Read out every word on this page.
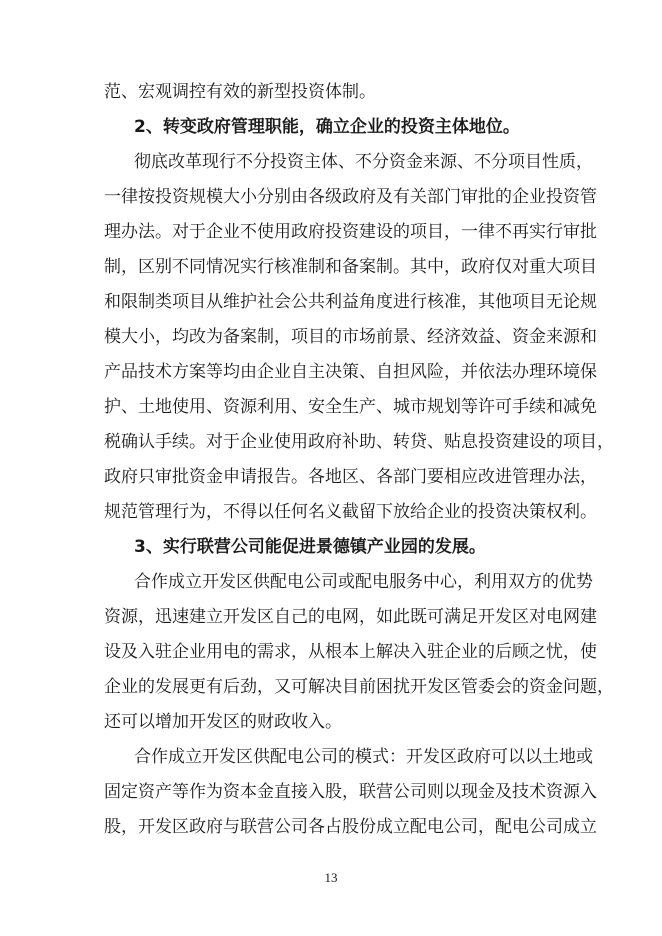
范、宏观调控有效的新型投资体制。
2、转变政府管理职能，确立企业的投资主体地位。
彻底改革现行不分投资主体、不分资金来源、不分项目性质，
一律按投资规模大小分别由各级政府及有关部门审批的企业投资管
理办法。对于企业不使用政府投资建设的项目，一律不再实行审批
制，区别不同情况实行核准制和备案制。其中，政府仅对重大项目
和限制类项目从维护社会公共利益角度进行核准，其他项目无论规
模大小，均改为备案制，项目的市场前景、经济效益、资金来源和
产品技术方案等均由企业自主决策、自担风险，并依法办理环境保
护、土地使用、资源利用、安全生产、城市规划等许可手续和减免
税确认手续。对于企业使用政府补助、转贷、贴息投资建设的项目，
政府只审批资金申请报告。各地区、各部门要相应改进管理办法，
规范管理行为，不得以任何名义截留下放给企业的投资决策权利。
3、实行联营公司能促进景德镇产业园的发展。
合作成立开发区供配电公司或配电服务中心，利用双方的优势
资源，迅速建立开发区自己的电网，如此既可满足开发区对电网建
设及入驻企业用电的需求，从根本上解决入驻企业的后顾之忧，使
企业的发展更有后劲，又可解决目前困扰开发区管委会的资金问题，
还可以增加开发区的财政收入。
合作成立开发区供配电公司的模式：开发区政府可以以土地或
固定资产等作为资本金直接入股，联营公司则以现金及技术资源入
股，开发区政府与联营公司各占股份成立配电公司，配电公司成立
13
